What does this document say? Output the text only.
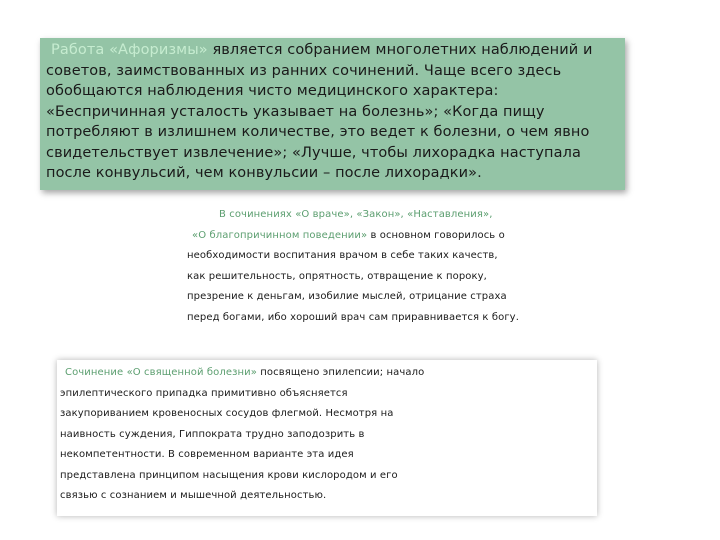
Работа «Афоризмы» является собранием многолетних наблюдений и
советов, заимствованных из ранних сочинений. Чаще всего здесь
обобщаются наблюдения чисто медицинского характера:
«Беспричинная усталость указывает на болезнь»; «Когда пищу
потребляют в излишнем количестве, это ведет к болезни, о чем явно
свидетельствует извлечение»; «Лучше, чтобы лихорадка наступала
после конвульсий, чем конвульсии – после лихорадки».
В сочинениях «О враче», «Закон», «Наставления»,
«О благопричинном поведении» в основном говорилось о
необходимости воспитания врачом в себе таких качеств,
как решительность, опрятность, отвращение к пороку,
презрение к деньгам, изобилие мыслей, отрицание страха
перед богами, ибо хороший врач сам приравнивается к богу.
Сочинение «О священной болезни» посвящено эпилепсии; начало
эпилептического припадка примитивно объясняется
закупориванием кровеносных сосудов флегмой. Несмотря на
наивность суждения, Гиппократа трудно заподозрить в
некомпетентности. В современном варианте эта идея
представлена принципом насыщения крови кислородом и его
связью с сознанием и мышечной деятельностью.
